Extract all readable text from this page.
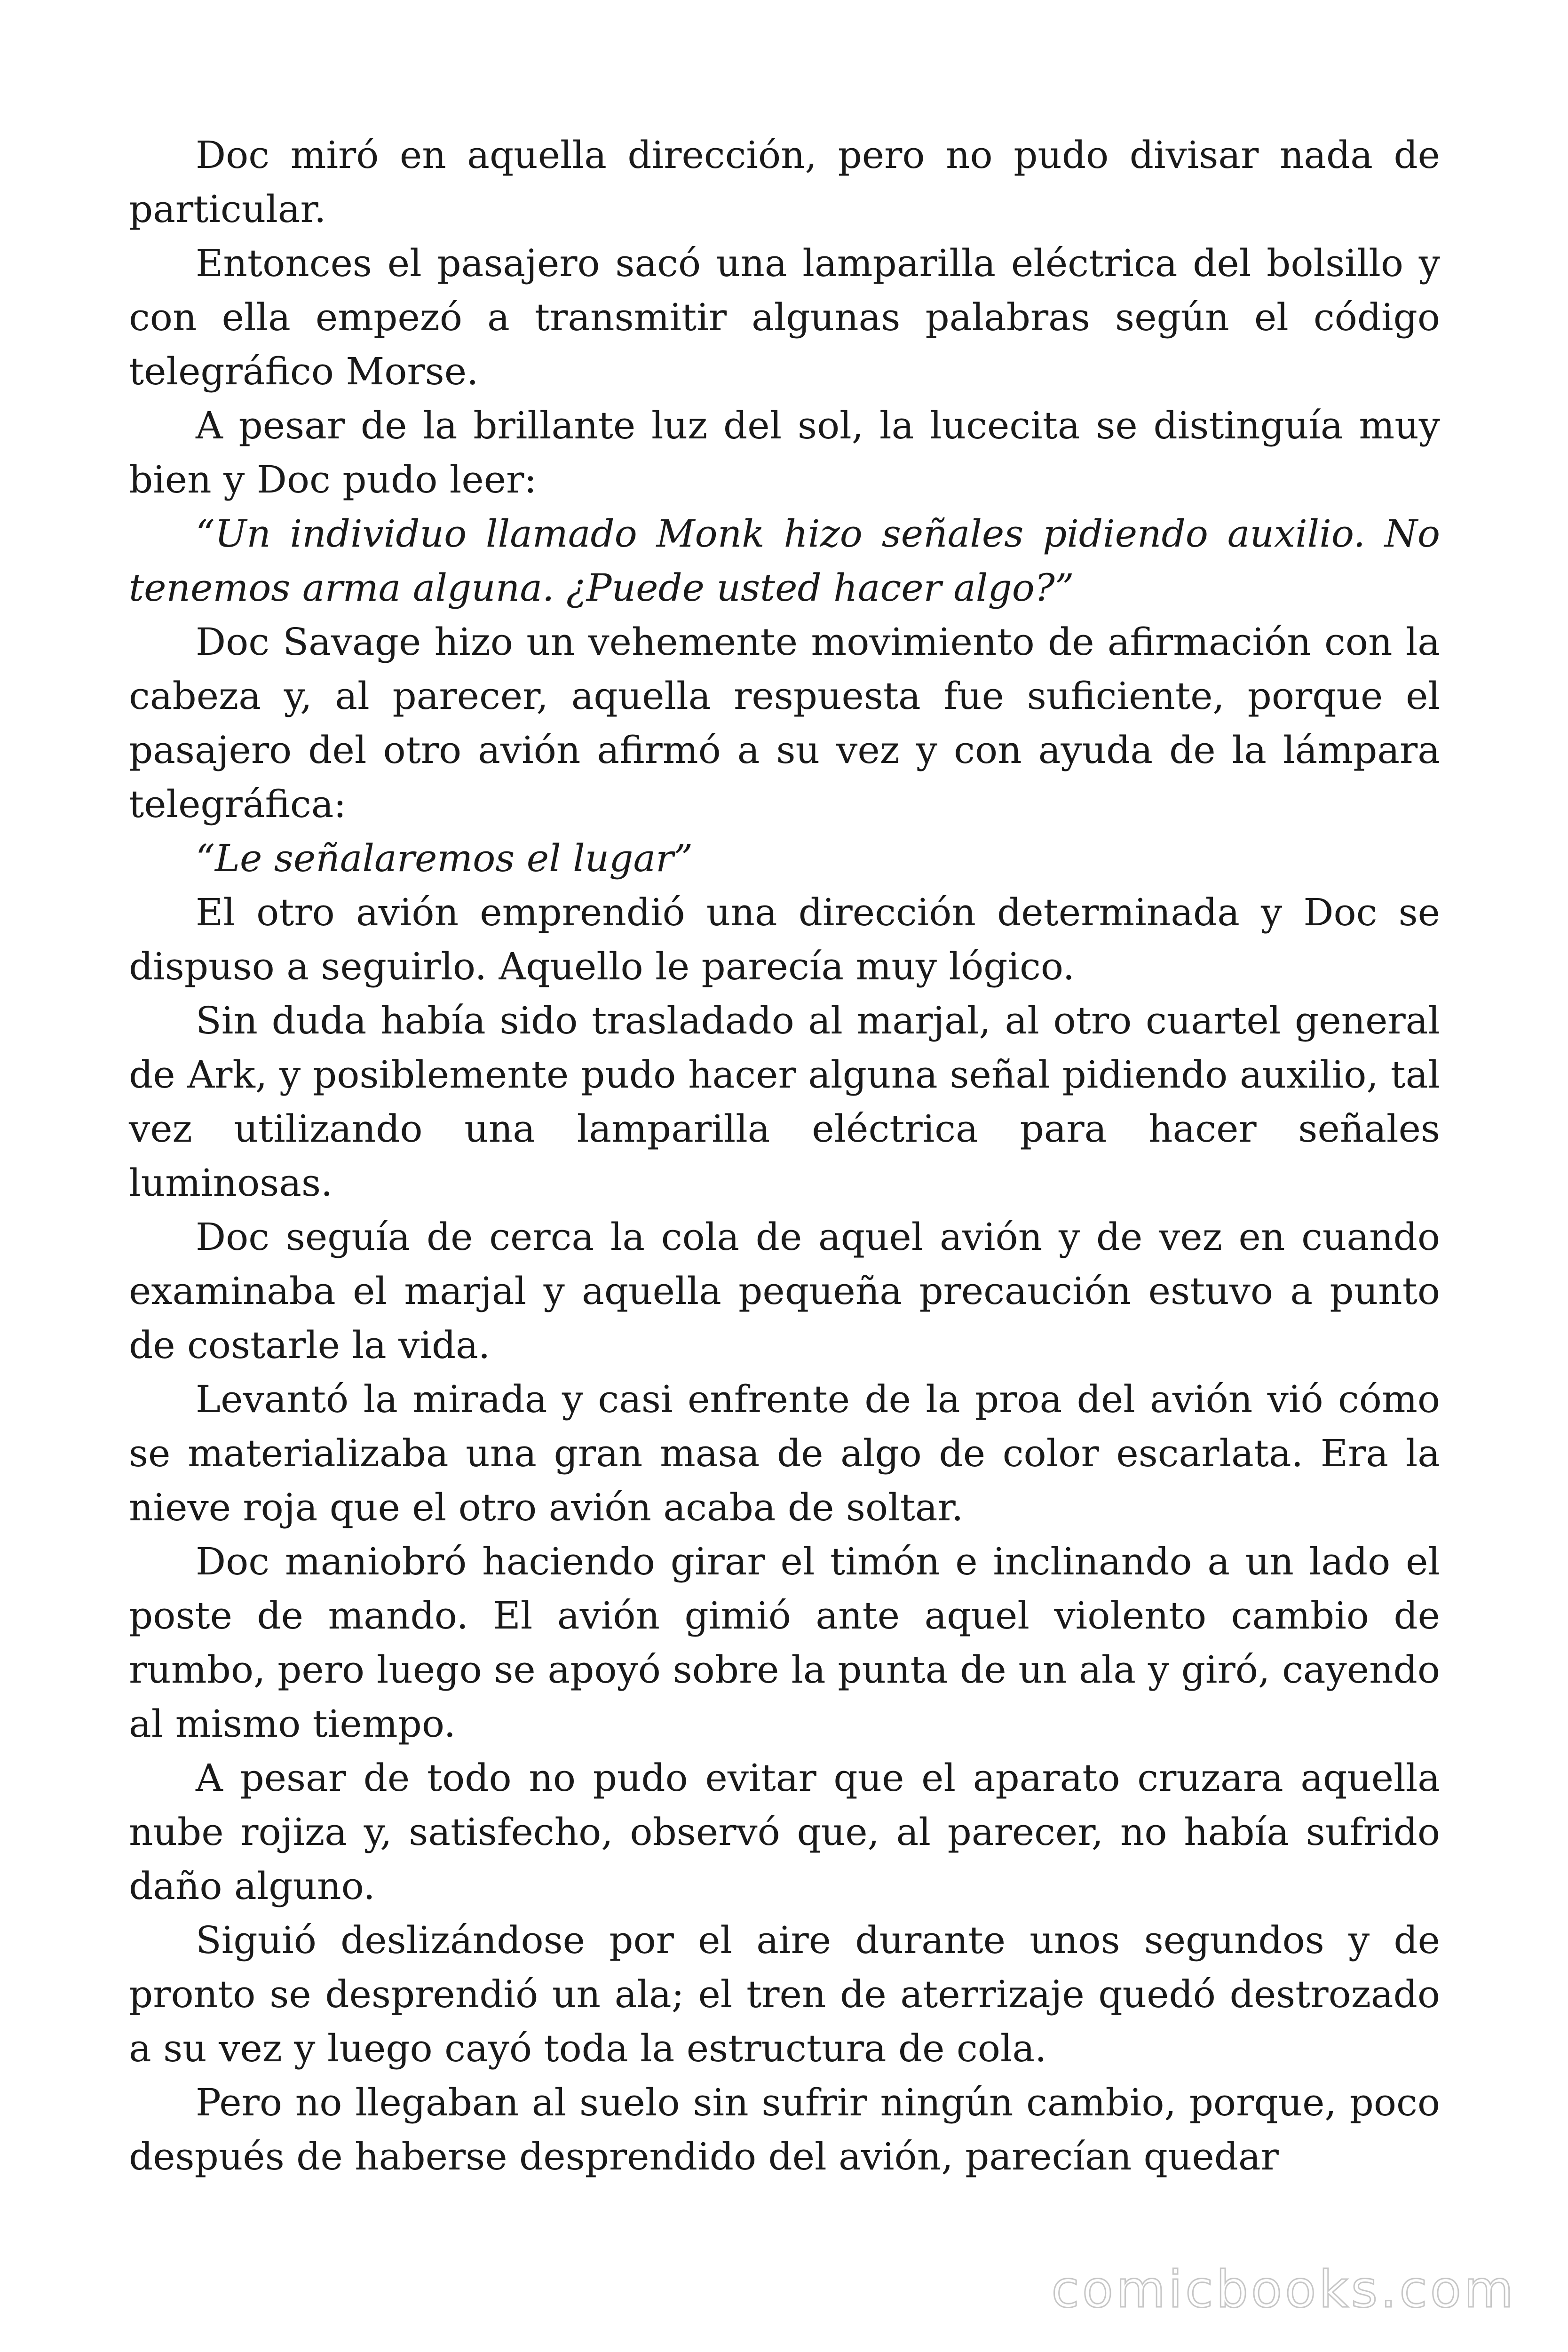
Doc miró en aquella dirección, pero no pudo divisar nada de particular.

Entonces el pasajero sacó una lamparilla eléctrica del bolsillo y con ella empezó a transmitir algunas palabras según el código telegráfico Morse.

A pesar de la brillante luz del sol, la lucecita se distinguía muy bien y Doc pudo leer:

“Un individuo llamado Monk hizo señales pidiendo auxilio. No tenemos arma alguna. ¿Puede usted hacer algo?”

Doc Savage hizo un vehemente movimiento de afirmación con la cabeza y, al parecer, aquella respuesta fue suficiente, porque el pasajero del otro avión afirmó a su vez y con ayuda de la lámpara telegráfica:

“Le señalaremos el lugar”

El otro avión emprendió una dirección determinada y Doc se dispuso a seguirlo. Aquello le parecía muy lógico.

Sin duda había sido trasladado al marjal, al otro cuartel general de Ark, y posiblemente pudo hacer alguna señal pidiendo auxilio, tal vez utilizando una lamparilla eléctrica para hacer señales luminosas.

Doc seguía de cerca la cola de aquel avión y de vez en cuando examinaba el marjal y aquella pequeña precaución estuvo a punto de costarle la vida.

Levantó la mirada y casi enfrente de la proa del avión vió cómo se materializaba una gran masa de algo de color escarlata. Era la nieve roja que el otro avión acaba de soltar.

Doc maniobró haciendo girar el timón e inclinando a un lado el poste de mando. El avión gimió ante aquel violento cambio de rumbo, pero luego se apoyó sobre la punta de un ala y giró, cayendo al mismo tiempo.

A pesar de todo no pudo evitar que el aparato cruzara aquella nube rojiza y, satisfecho, observó que, al parecer, no había sufrido daño alguno.

Siguió deslizándose por el aire durante unos segundos y de pronto se desprendió un ala; el tren de aterrizaje quedó destrozado a su vez y luego cayó toda la estructura de cola.

Pero no llegaban al suelo sin sufrir ningún cambio, porque, poco después de haberse desprendido del avión, parecían quedar

comicbooks.com
